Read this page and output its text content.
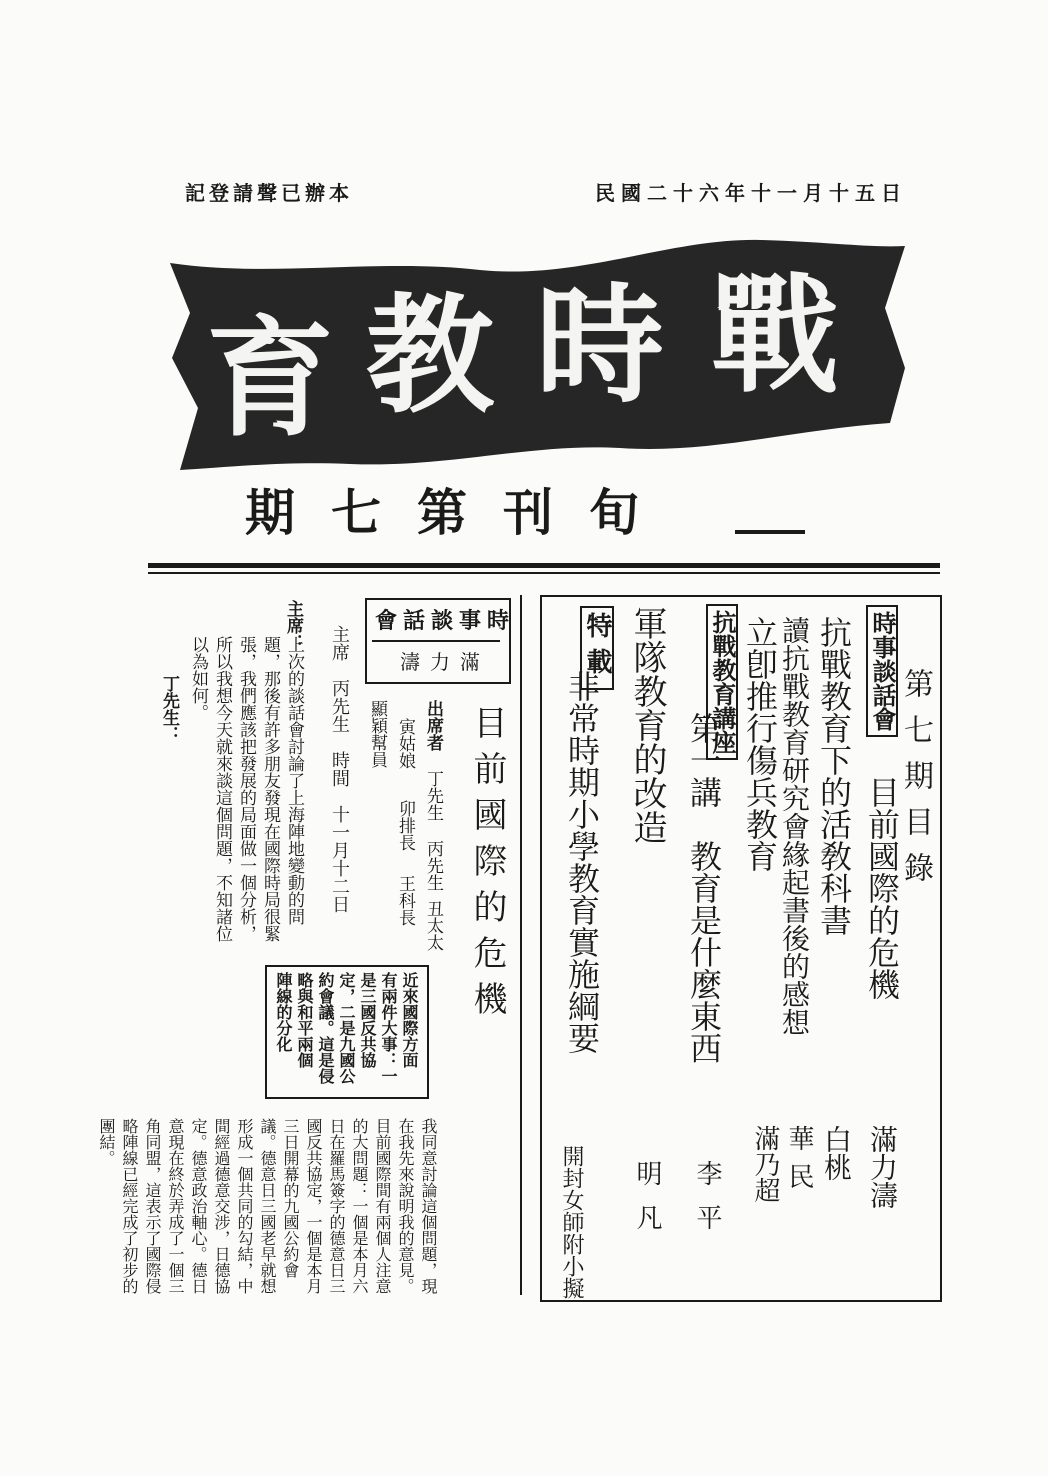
記登請聲已辦本	民國二十六年十一月十五日
戰
時
教
育
旬刊第七期
第七期目錄
時事談話會
目前國際的危機
滿力濤
抗戰教育下的活敎科書
白桃
讀抗戰教育研究會緣起書後的感想
華民
立卽推行傷兵教育
滿乃超
抗戰教育講座
第一講　教育是什麼東西
李平
軍隊教育的改造
明凡
特載
非常時期小學教育實施綱要
開封女師附小擬
時事談話會
滿力濤
目前國際的危機
出席者
丁先生
丙先生
丑太太
寅姑娘
卯排長
王科長
顯穎幫員
主席　丙先生　時間　十一月十二日
主席：
上次的談話會討論了上海陣地變動的問題，那後有許多朋友發現在國際時局很緊張，我們應該把發展的局面做一個分析，所以我想今天就來談這個問題，不知諸位以為如何。
近來國際方面
有兩件大事：一
是三國反共協
定，二是九國公
約會議。這是侵
略與和平兩個
陣線的分化
丁先生：
我同意討論這個問題，現在我先來說明我的意見。目前國際間有兩個人注意的大問題：一個是本月六日在羅馬簽字的德意日三國反共協定，一個是本月三日開幕的九國公約會議。德意日三國老早就想形成一個共同的勾結，中間經過德意交涉，日德協定。德意政治軸心。德日意現在終於弄成了一個三角同盟，這表示了國際侵略陣線已經完成了初步的團結。
